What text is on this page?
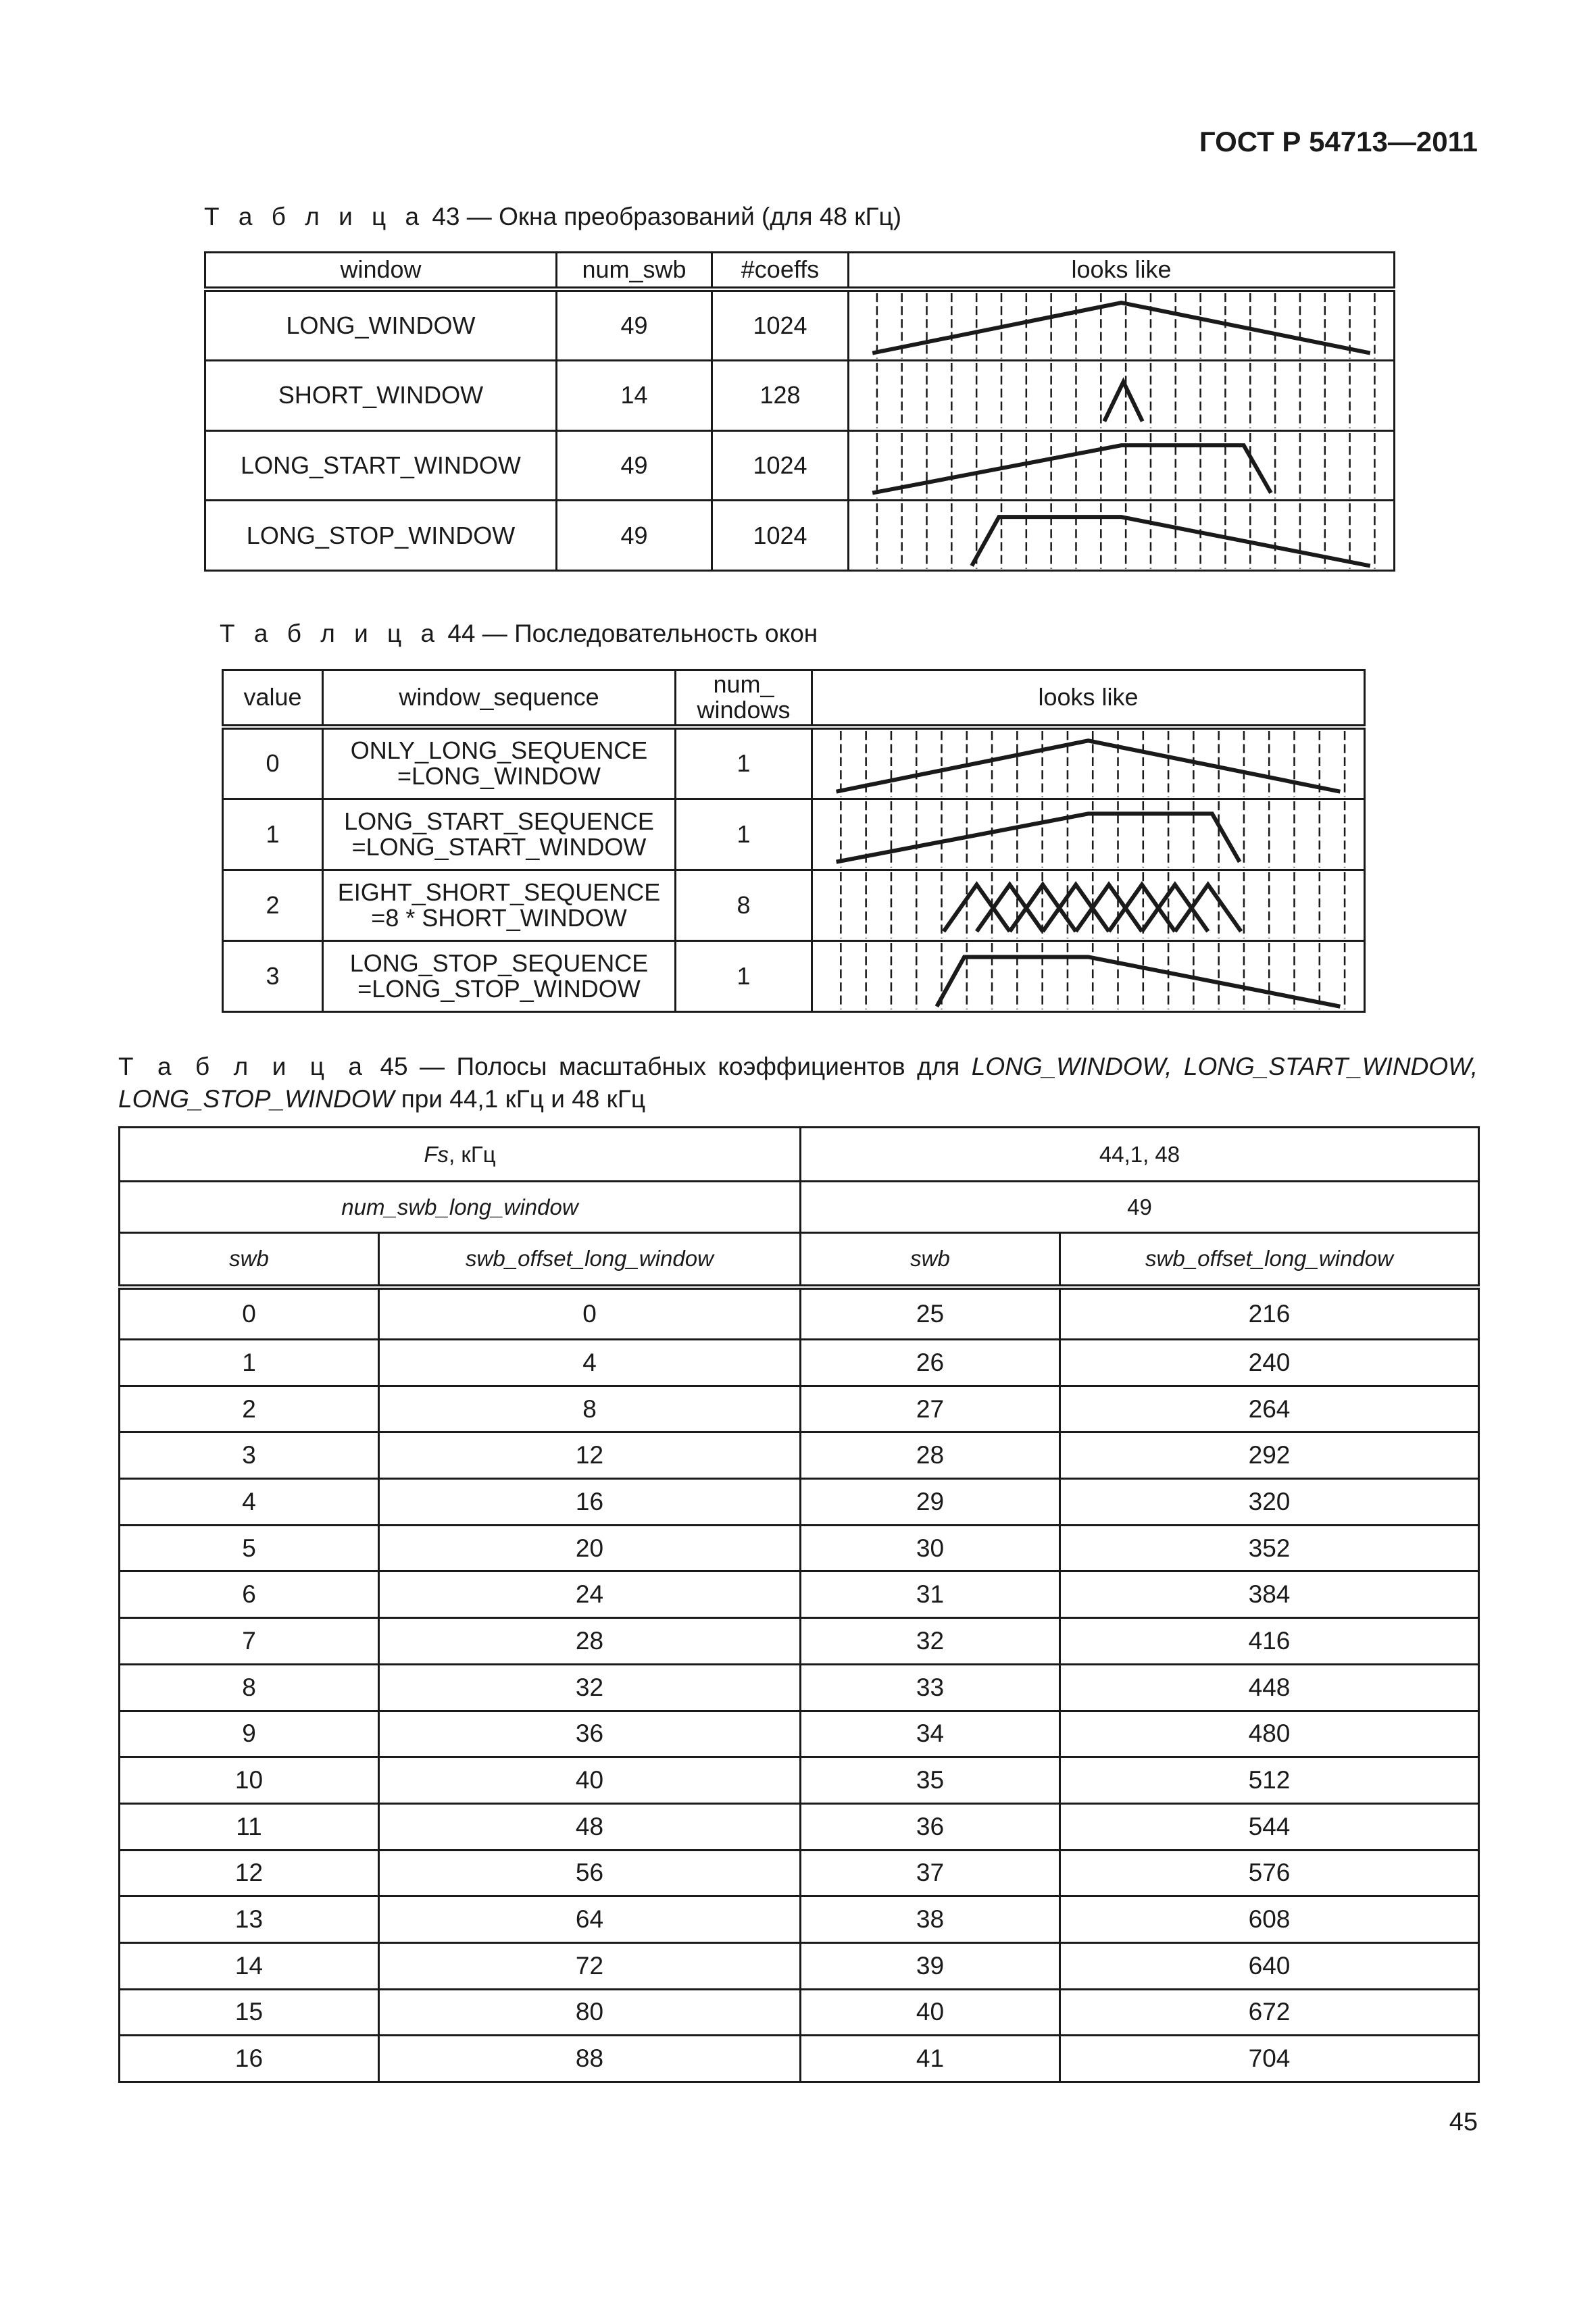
ГОСТ Р 54713—2011
Т а б л и ц а 43 — Окна преобразований (для 48 кГц)
window	num_swb	#coeffs	looks like
LONG_WINDOW	49	1024	

SHORT_WINDOW	14	128	

LONG_START_WINDOW	49	1024	

LONG_STOP_WINDOW	49	1024	
Т а б л и ц а 44 — Последовательность окон
value	window_sequence	num_
windows	looks like
0	ONLY_LONG_SEQUENCE
=LONG_WINDOW	1	

1	LONG_START_SEQUENCE
=LONG_START_WINDOW	1	

2	EIGHT_SHORT_SEQUENCE
=8 * SHORT_WINDOW	8	

3	LONG_STOP_SEQUENCE
=LONG_STOP_WINDOW	1	
Т а б л и ц а 45 — Полосы масштабных коэффициентов для LONG_WINDOW, LONG_START_WINDOW,
LONG_STOP_WINDOW при 44,1 кГц и 48 кГц
Fs, кГц		44,1, 48	
num_swb_long_window		49	
swb	swb_offset_long_window	swb	swb_offset_long_window
0	0	25	216
1	4	26	240
2	8	27	264
3	12	28	292
4	16	29	320
5	20	30	352
6	24	31	384
7	28	32	416
8	32	33	448
9	36	34	480
10	40	35	512
11	48	36	544
12	56	37	576
13	64	38	608
14	72	39	640
15	80	40	672
16	88	41	704
45
